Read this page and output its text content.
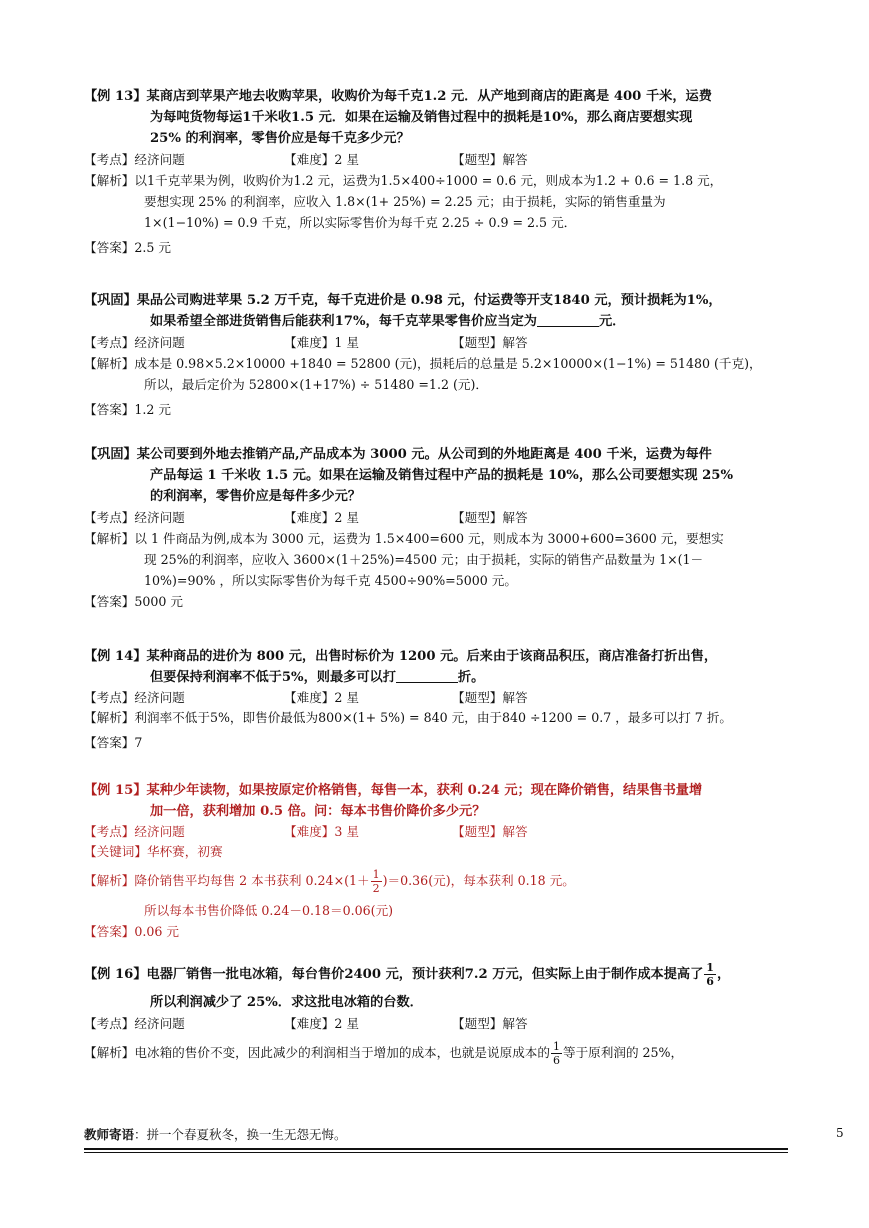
【例 13】某商店到苹果产地去收购苹果，收购价为每千克1.2 元．从产地到商店的距离是 400 千米，运费
为每吨货物每运1千米收1.5 元．如果在运输及销售过程中的损耗是10%，那么商店要想实现
25% 的利润率，零售价应是每千克多少元？
【考点】经济问题	【难度】2 星	【题型】解答
【解析】以1千克苹果为例，收购价为1.2 元，运费为1.5×400÷1000 = 0.6 元，则成本为1.2 + 0.6 = 1.8 元，
要想实现 25% 的利润率，应收入 1.8×(1+ 25%) = 2.25 元；由于损耗，实际的销售重量为
1×(1−10%) = 0.9 千克，所以实际零售价为每千克 2.25 ÷ 0.9 = 2.5 元．
【答案】2.5 元
【巩固】果品公司购进苹果 5.2 万千克，每千克进价是 0.98 元，付运费等开支1840 元，预计损耗为1%，
如果希望全部进货销售后能获利17%，每千克苹果零售价应当定为	元．
【考点】经济问题	【难度】1 星	【题型】解答
【解析】成本是 0.98×5.2×10000 +1840 = 52800 (元)，损耗后的总量是 5.2×10000×(1−1%) = 51480 (千克)，
所以，最后定价为 52800×(1+17%) ÷ 51480 =1.2 (元)．
【答案】1.2 元
【巩固】某公司要到外地去推销产品,产品成本为 3000 元。从公司到的外地距离是 400 千米，运费为每件
产品每运 1 千米收 1.5 元。如果在运输及销售过程中产品的损耗是 10%，那么公司要想实现 25%
的利润率，零售价应是每件多少元？
【考点】经济问题	【难度】2 星	【题型】解答
【解析】以 1 件商品为例,成本为 3000 元，运费为 1.5×400=600 元，则成本为 3000+600=3600 元，要想实
现 25%的利润率，应收入 3600×(1＋25%)=4500 元；由于损耗，实际的销售产品数量为 1×(1－
10%)=90% ，所以实际零售价为每千克 4500÷90%=5000 元。
【答案】5000 元
【例 14】某种商品的进价为 800 元，出售时标价为 1200 元。后来由于该商品积压，商店准备打折出售，
但要保持利润率不低于5%，则最多可以打	折。
【考点】经济问题	【难度】2 星	【题型】解答
【解析】利润率不低于5%，即售价最低为800×(1+ 5%) = 840 元，由于840 ÷1200 = 0.7 ，最多可以打 7 折。
【答案】7
【例 15】某种少年读物，如果按原定价格销售，每售一本，获利 0.24 元；现在降价销售，结果售书量增
加一倍，获利增加 0.5 倍。问：每本书售价降价多少元？
【考点】经济问题	【难度】3 星	【题型】解答
【关键词】华杯赛，初赛
【解析】降价销售平均每售 2 本书获利 $0.24\times(1+ \frac{1}{2} )=0.36$(元)，每本获利 0.18 元。
所以每本书售价降低 0.24－0.18＝0.06(元)
【答案】0.06 元
【例 16】电器厂销售一批电冰箱，每台售价2400 元，预计获利7.2 万元，但实际上由于制作成本提高了 $\frac{1}{6}$ ，
所以利润减少了 25%．求这批电冰箱的台数．
【考点】经济问题	【难度】2 星	【题型】解答
【解析】电冰箱的售价不变，因此减少的利润相当于增加的成本，也就是说原成本的 $\frac{1}{6}$ 等于原利润的 25%，
教师寄语：拼一个春夏秋冬，换一生无怨无悔。	5
